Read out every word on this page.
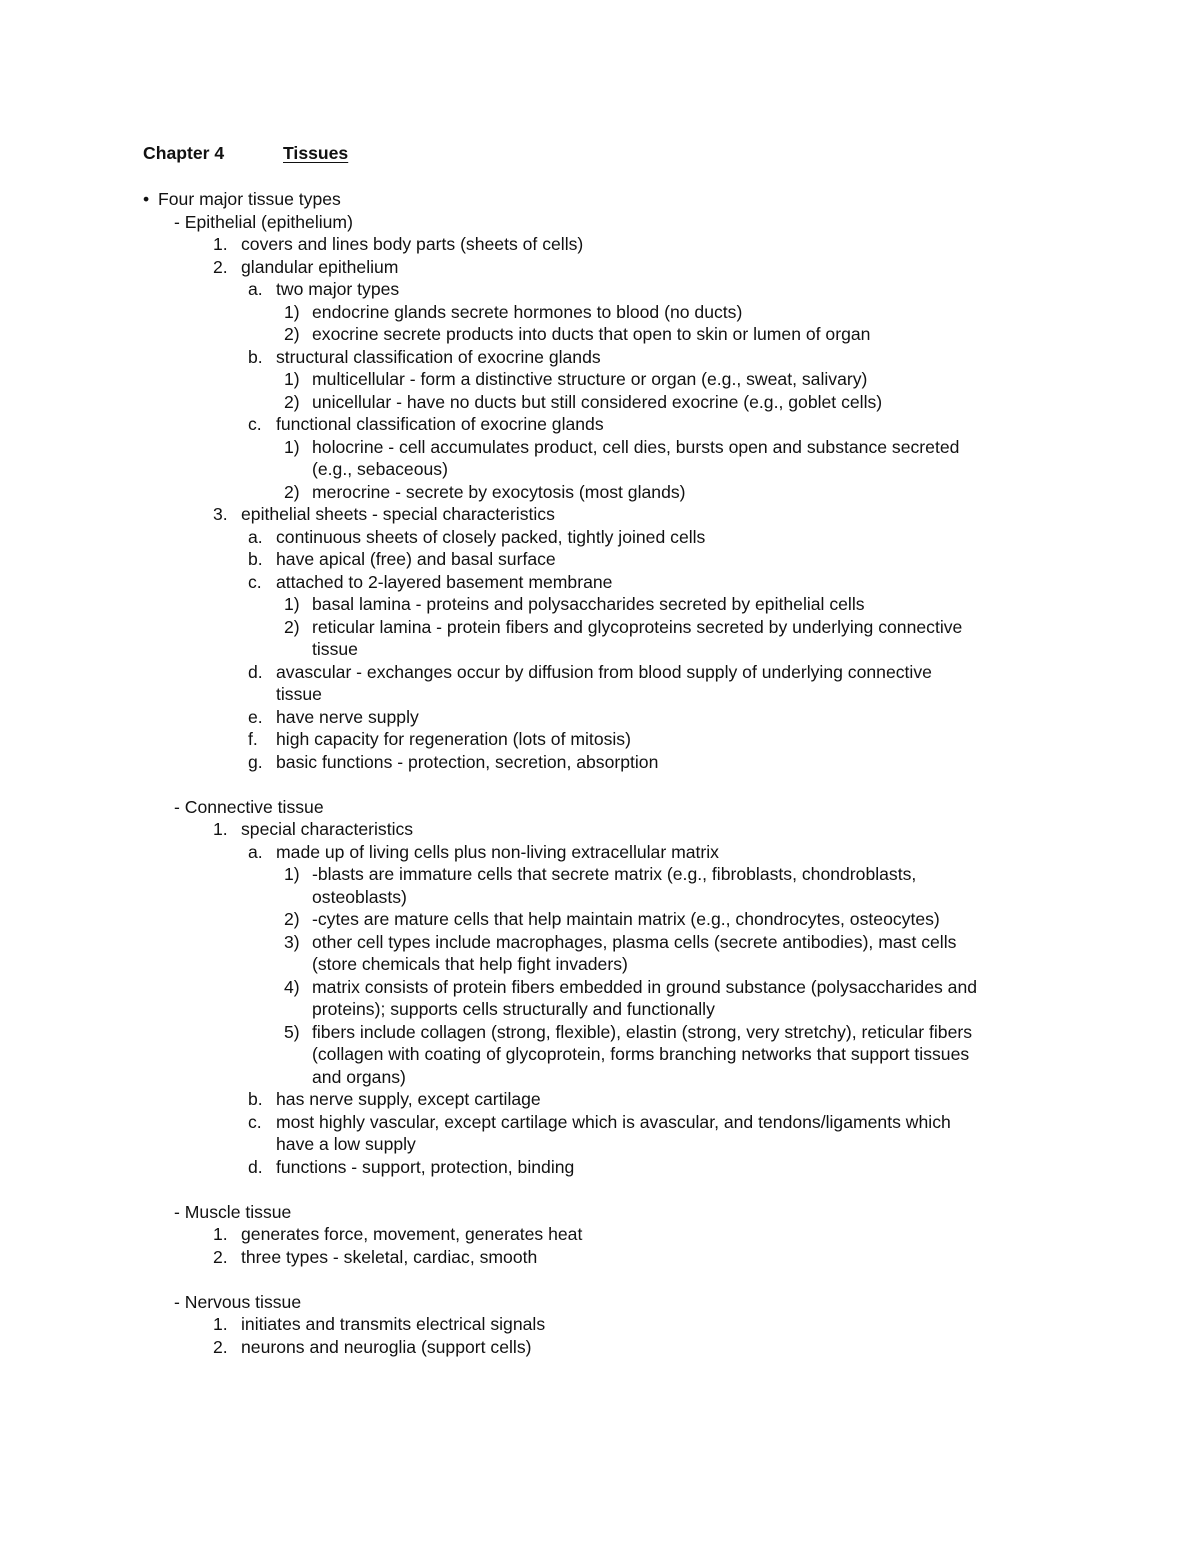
Chapter 4	Tissues
• Four major tissue types
- Epithelial (epithelium)
1. covers and lines body parts (sheets of cells)
2. glandular epithelium
a. two major types
1) endocrine glands secrete hormones to blood (no ducts)
2) exocrine secrete products into ducts that open to skin or lumen of organ
b. structural classification of exocrine glands
1) multicellular - form a distinctive structure or organ (e.g., sweat, salivary)
2) unicellular - have no ducts but still considered exocrine (e.g., goblet cells)
c. functional classification of exocrine glands
1) holocrine - cell accumulates product, cell dies, bursts open and substance secreted
(e.g., sebaceous)
2) merocrine - secrete by exocytosis (most glands)
3. epithelial sheets - special characteristics
a. continuous sheets of closely packed, tightly joined cells
b. have apical (free) and basal surface
c. attached to 2-layered basement membrane
1) basal lamina - proteins and polysaccharides secreted by epithelial cells
2) reticular lamina - protein fibers and glycoproteins secreted by underlying connective
tissue
d. avascular - exchanges occur by diffusion from blood supply of underlying connective
tissue
e. have nerve supply
f. high capacity for regeneration (lots of mitosis)
g. basic functions - protection, secretion, absorption
- Connective tissue
1. special characteristics
a. made up of living cells plus non-living extracellular matrix
1) -blasts are immature cells that secrete matrix (e.g., fibroblasts, chondroblasts,
osteoblasts)
2) -cytes are mature cells that help maintain matrix (e.g., chondrocytes, osteocytes)
3) other cell types include macrophages, plasma cells (secrete antibodies), mast cells
(store chemicals that help fight invaders)
4) matrix consists of protein fibers embedded in ground substance (polysaccharides and
proteins); supports cells structurally and functionally
5) fibers include collagen (strong, flexible), elastin (strong, very stretchy), reticular fibers
(collagen with coating of glycoprotein, forms branching networks that support tissues
and organs)
b. has nerve supply, except cartilage
c. most highly vascular, except cartilage which is avascular, and tendons/ligaments which
have a low supply
d. functions - support, protection, binding
- Muscle tissue
1. generates force, movement, generates heat
2. three types - skeletal, cardiac, smooth
- Nervous tissue
1. initiates and transmits electrical signals
2. neurons and neuroglia (support cells)
